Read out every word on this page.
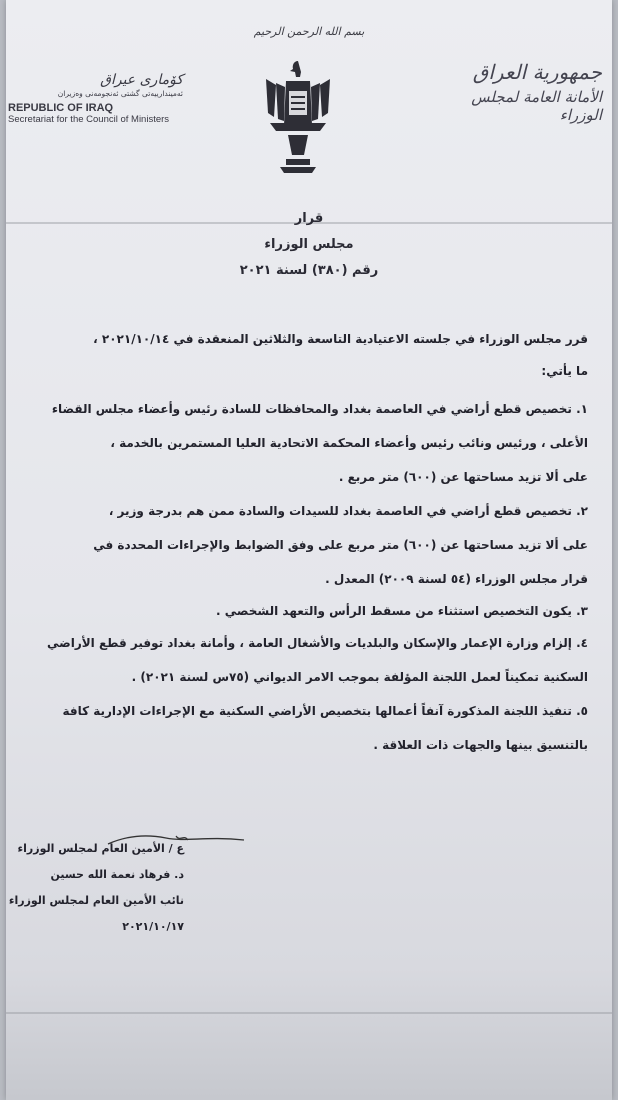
بسم الله الرحمن الرحيم
كۆماری عیراق
ئەمیندارییەتی گشتی ئەنجومەنی وەزیران
REPUBLIC OF IRAQ
Secretariat for the Council of Ministers
جمهورية العراق
الأمانة العامة لمجلس الوزراء
قرار
مجلس الوزراء
رقم (٣٨٠) لسنة ٢٠٢١
قرر مجلس الوزراء في جلسته الاعتيادية التاسعة والثلاثين المنعقدة في ٢٠٢١/١٠/١٤ ،
ما يأتي:
١. تخصيص قطع أراضي في العاصمة بغداد والمحافظات للسادة رئيس وأعضاء مجلس القضاء
الأعلى ، ورئيس ونائب رئيس وأعضاء المحكمة الاتحادية العليا المستمرين بالخدمة ،
على ألا تزيد مساحتها عن (٦٠٠) متر مربع .
٢. تخصيص قطع أراضي في العاصمة بغداد للسيدات والسادة ممن هم بدرجة وزير ،
على ألا تزيد مساحتها عن (٦٠٠) متر مربع على وفق الضوابط والإجراءات المحددة في
قرار مجلس الوزراء (٥٤ لسنة ٢٠٠٩) المعدل .
٣. يكون التخصيص استثناء من مسقط الرأس والتعهد الشخصي .
٤. إلزام وزارة الإعمار والإسكان والبلديات والأشغال العامة ، وأمانة بغداد توفير قطع الأراضي
السكنية تمكيناً لعمل اللجنة المؤلفة بموجب الامر الديواني (٧٥س لسنة ٢٠٢١) .
٥. تنفيذ اللجنة المذكورة آنفاً أعمالها بتخصيص الأراضي السكنية مع الإجراءات الإدارية كافة
بالتنسيق بينها والجهات ذات العلاقة .
ع / الأمين العام لمجلس الوزراء
د. فرهاد نعمة الله حسين
نائب الأمين العام لمجلس الوزراء
٢٠٢١/١٠/١٧
